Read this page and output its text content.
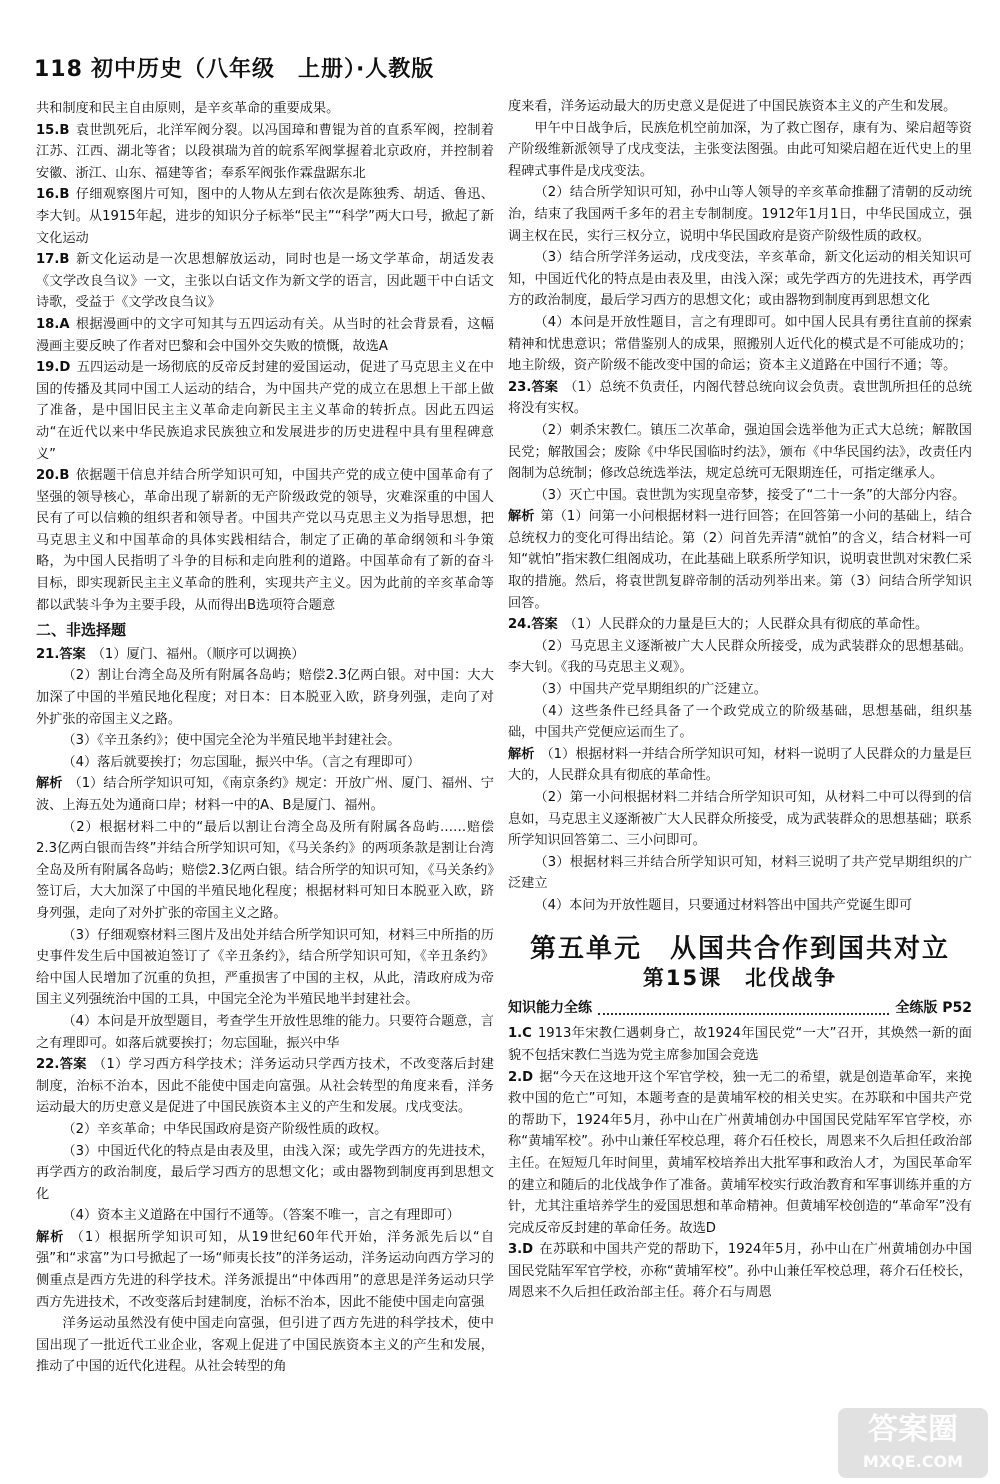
118 初中历史（八年级　上册）·人教版
共和制度和民主自由原则，是辛亥革命的重要成果。
15.B 袁世凯死后，北洋军阀分裂。以冯国璋和曹锟为首的直系军阀，控制着江苏、江西、湖北等省；以段祺瑞为首的皖系军阀掌握着北京政府，并控制着安徽、浙江、山东、福建等省；奉系军阀张作霖盘踞东北
16.B 仔细观察图片可知，图中的人物从左到右依次是陈独秀、胡适、鲁迅、李大钊。从1915年起，进步的知识分子标举“民主”“科学”两大口号，掀起了新文化运动
17.B 新文化运动是一次思想解放运动，同时也是一场文学革命，胡适发表《文学改良刍议》一文，主张以白话文作为新文学的语言，因此题干中白话文诗歌，受益于《文学改良刍议》
18.A 根据漫画中的文字可知其与五四运动有关。从当时的社会背景看，这幅漫画主要反映了作者对巴黎和会中国外交失败的愤慨，故选A
19.D 五四运动是一场彻底的反帝反封建的爱国运动，促进了马克思主义在中国的传播及其同中国工人运动的结合，为中国共产党的成立在思想上干部上做了准备，是中国旧民主主义革命走向新民主主义革命的转折点。因此五四运动“在近代以来中华民族追求民族独立和发展进步的历史进程中具有里程碑意义”
20.B 依据题干信息并结合所学知识可知，中国共产党的成立使中国革命有了坚强的领导核心，革命出现了崭新的无产阶级政党的领导，灾难深重的中国人民有了可以信赖的组织者和领导者。中国共产党以马克思主义为指导思想，把马克思主义和中国革命的具体实践相结合，制定了正确的革命纲领和斗争策略，为中国人民指明了斗争的目标和走向胜利的道路。中国革命有了新的奋斗目标，即实现新民主主义革命的胜利，实现共产主义。因为此前的辛亥革命等都以武装斗争为主要手段，从而得出B选项符合题意
二、非选择题
21.答案 （1）厦门、福州。（顺序可以调换）
（2）割让台湾全岛及所有附属各岛屿；赔偿2.3亿两白银。对中国：大大加深了中国的半殖民地化程度；对日本：日本脱亚入欧，跻身列强，走向了对外扩张的帝国主义之路。
（3）《辛丑条约》；使中国完全沦为半殖民地半封建社会。
（4）落后就要挨打；勿忘国耻，振兴中华。（言之有理即可）
解析 （1）结合所学知识可知，《南京条约》规定：开放广州、厦门、福州、宁波、上海五处为通商口岸；材料一中的A、B是厦门、福州。
（2）根据材料二中的“最后以割让台湾全岛及所有附属各岛屿……赔偿2.3亿两白银而告终”并结合所学知识可知，《马关条约》的两项条款是割让台湾全岛及所有附属各岛屿；赔偿2.3亿两白银。结合所学的知识可知，《马关条约》签订后，大大加深了中国的半殖民地化程度；根据材料可知日本脱亚入欧，跻身列强，走向了对外扩张的帝国主义之路。
（3）仔细观察材料三图片及出处并结合所学知识可知，材料三中所指的历史事件发生后中国被迫签订了《辛丑条约》，结合所学知识可知，《辛丑条约》给中国人民增加了沉重的负担，严重损害了中国的主权，从此，清政府成为帝国主义列强统治中国的工具，中国完全沦为半殖民地半封建社会。
（4）本问是开放型题目，考查学生开放性思维的能力。只要符合题意，言之有理即可。如落后就要挨打；勿忘国耻，振兴中华
22.答案 （1）学习西方科学技术；洋务运动只学西方技术，不改变落后封建制度，治标不治本，因此不能使中国走向富强。从社会转型的角度来看，洋务运动最大的历史意义是促进了中国民族资本主义的产生和发展。戊戌变法。
（2）辛亥革命；中华民国政府是资产阶级性质的政权。
（3）中国近代化的特点是由表及里，由浅入深；或先学西方的先进技术，再学西方的政治制度，最后学习西方的思想文化；或由器物到制度再到思想文化
（4）资本主义道路在中国行不通等。（答案不唯一，言之有理即可）
解析 （1）根据所学知识可知，从19世纪60年代开始，洋务派先后以“自强”和“求富”为口号掀起了一场“师夷长技”的洋务运动，洋务运动向西方学习的侧重点是西方先进的科学技术。洋务派提出“中体西用”的意思是洋务运动只学西方先进技术，不改变落后封建制度，治标不治本，因此不能使中国走向富强
洋务运动虽然没有使中国走向富强，但引进了西方先进的科学技术，使中国出现了一批近代工业企业，客观上促进了中国民族资本主义的产生和发展，推动了中国的近代化进程。从社会转型的角
度来看，洋务运动最大的历史意义是促进了中国民族资本主义的产生和发展。
甲午中日战争后，民族危机空前加深，为了救亡图存，康有为、梁启超等资产阶级维新派领导了戊戌变法，主张变法图强。由此可知梁启超在近代史上的里程碑式事件是戊戌变法。
（2）结合所学知识可知，孙中山等人领导的辛亥革命推翻了清朝的反动统治，结束了我国两千多年的君主专制制度。1912年1月1日，中华民国成立，强调主权在民，实行三权分立，说明中华民国政府是资产阶级性质的政权。
（3）结合所学洋务运动，戊戌变法，辛亥革命，新文化运动的相关知识可知，中国近代化的特点是由表及里，由浅入深；或先学西方的先进技术，再学西方的政治制度，最后学习西方的思想文化；或由器物到制度再到思想文化
（4）本问是开放性题目，言之有理即可。如中国人民具有勇往直前的探索精神和忧患意识；常借鉴别人的成果，照搬别人近代化的模式是不可能成功的；地主阶级，资产阶级不能改变中国的命运；资本主义道路在中国行不通；等。
23.答案 （1）总统不负责任，内阁代替总统向议会负责。袁世凯所担任的总统将没有实权。
（2）刺杀宋教仁。镇压二次革命，强迫国会选举他为正式大总统；解散国民党；解散国会；废除《中华民国临时约法》，颁布《中华民国约法》，改责任内阁制为总统制；修改总统选举法，规定总统可无限期连任，可指定继承人。
（3）灭亡中国。袁世凯为实现皇帝梦，接受了“二十一条”的大部分内容。
解析 第（1）问第一小问根据材料一进行回答；在回答第一小问的基础上，结合总统权力的变化可得出结论。第（2）问首先弄清“就怕”的含义，结合材料一可知“就怕”指宋教仁组阁成功，在此基础上联系所学知识，说明袁世凯对宋教仁采取的措施。然后，将袁世凯复辟帝制的活动列举出来。第（3）问结合所学知识回答。
24.答案 （1）人民群众的力量是巨大的；人民群众具有彻底的革命性。
（2）马克思主义逐渐被广大人民群众所接受，成为武装群众的思想基础。李大钊。《我的马克思主义观》。
（3）中国共产党早期组织的广泛建立。
（4）这些条件已经具备了一个政党成立的阶级基础，思想基础，组织基础，中国共产党便应运而生了。
解析 （1）根据材料一并结合所学知识可知，材料一说明了人民群众的力量是巨大的，人民群众具有彻底的革命性。
（2）第一小问根据材料二并结合所学知识可知，从材料二中可以得到的信息如，马克思主义逐渐被广大人民群众所接受，成为武装群众的思想基础；联系所学知识回答第二、三小问即可。
（3）根据材料三并结合所学知识可知，材料三说明了共产党早期组织的广泛建立
（4）本问为开放性题目，只要通过材料答出中国共产党诞生即可
第五单元　从国共合作到国共对立
第15课　北伐战争
知识能力全练	全练版 P52
1.C 1913年宋教仁遇刺身亡，故1924年国民党“一大”召开，其焕然一新的面貌不包括宋教仁当选为党主席参加国会竞选
2.D 据“今天在这地开这个军官学校，独一无二的希望，就是创造革命军，来挽救中国的危亡”可知，本题考查的是黄埔军校的相关史实。在苏联和中国共产党的帮助下，1924年5月，孙中山在广州黄埔创办中国国民党陆军军官学校，亦称“黄埔军校”。孙中山兼任军校总理，蒋介石任校长，周恩来不久后担任政治部主任。在短短几年时间里，黄埔军校培养出大批军事和政治人才，为国民革命军的建立和随后的北伐战争作了准备。黄埔军校实行政治教育和军事训练并重的方针，尤其注重培养学生的爱国思想和革命精神。但黄埔军校创造的“革命军”没有完成反帝反封建的革命任务。故选D
3.D 在苏联和中国共产党的帮助下，1924年5月，孙中山在广州黄埔创办中国国民党陆军军官学校，亦称“黄埔军校”。孙中山兼任军校总理，蒋介石任校长，周恩来不久后担任政治部主任。蒋介石与周恩
答案圈
MXQE.COM
